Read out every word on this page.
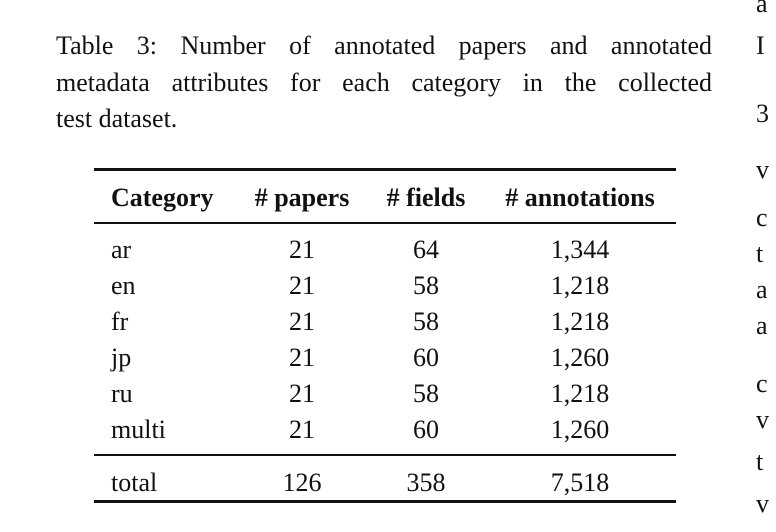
Table 3: Number of annotated papers and annotated
metadata attributes for each category in the collected
test dataset.
Category # papers # fields # annotations
ar	21	64	1,344
en	21	58	1,218
fr	21	58	1,218
jp	21	60	1,260
ru	21	58	1,218
multi	21	60	1,260
total	126	358	7,518
a
I
3
v
c
t
a
a
c
v
t
v
